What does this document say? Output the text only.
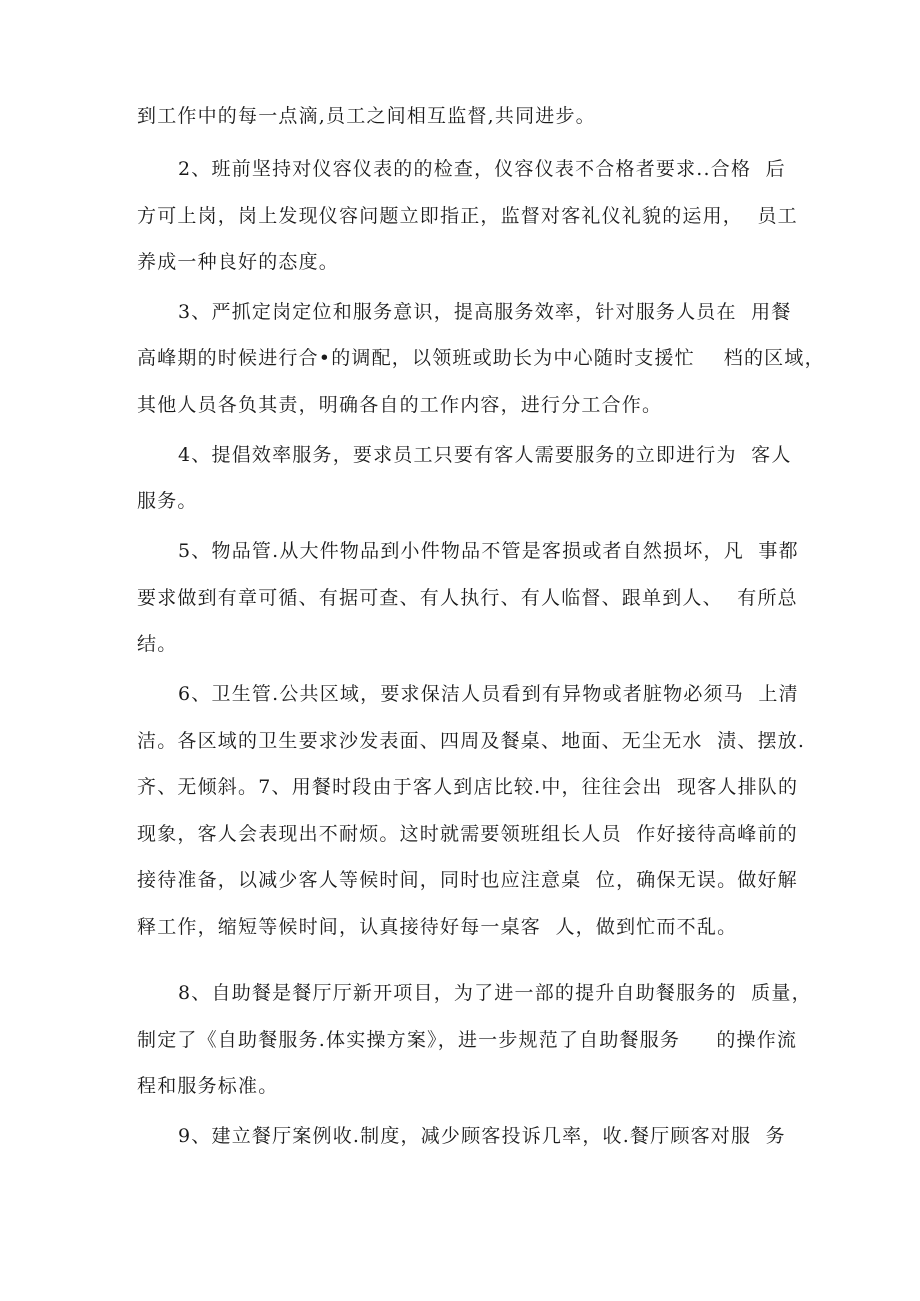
到工作中的每一点滴,员工之间相互监督,共同进步。

2、班前坚持对仪容仪表的的检查，仪容仪表不合格者要求..合格  后

方可上岗，岗上发现仪容问题立即指正，监督对客礼仪礼貌的运用，  员工

养成一种良好的态度。

3、严抓定岗定位和服务意识，提高服务效率，针对服务人员在  用餐

高峰期的时候进行合•的调配，以领班或助长为中心随时支援忙    档的区域，

其他人员各负其责，明确各自的工作内容，进行分工合作。

4、提倡效率服务，要求员工只要有客人需要服务的立即进行为  客人

服务。

5、物品管.从大件物品到小件物品不管是客损或者自然损坏，凡  事都

要求做到有章可循、有据可查、有人执行、有人临督、跟单到人、  有所总

结。

6、卫生管.公共区域，要求保洁人员看到有异物或者脏物必须马  上清

洁。各区域的卫生要求沙发表面、四周及餐桌、地面、无尘无水  渍、摆放.

齐、无倾斜。7、用餐时段由于客人到店比较.中，往往会出  现客人排队的

现象，客人会表现出不耐烦。这时就需要领班组长人员  作好接待高峰前的

接待准备，以减少客人等候时间，同时也应注意桌  位，确保无误。做好解

释工作，缩短等候时间，认真接待好每一桌客  人，做到忙而不乱。

8、自助餐是餐厅厅新开项目，为了进一部的提升自助餐服务的  质量，

制定了《自助餐服务.体实操方案》，进一步规范了自助餐服务     的操作流

程和服务标准。

9、建立餐厅案例收.制度，减少顾客投诉几率，收.餐厅顾客对服  务
